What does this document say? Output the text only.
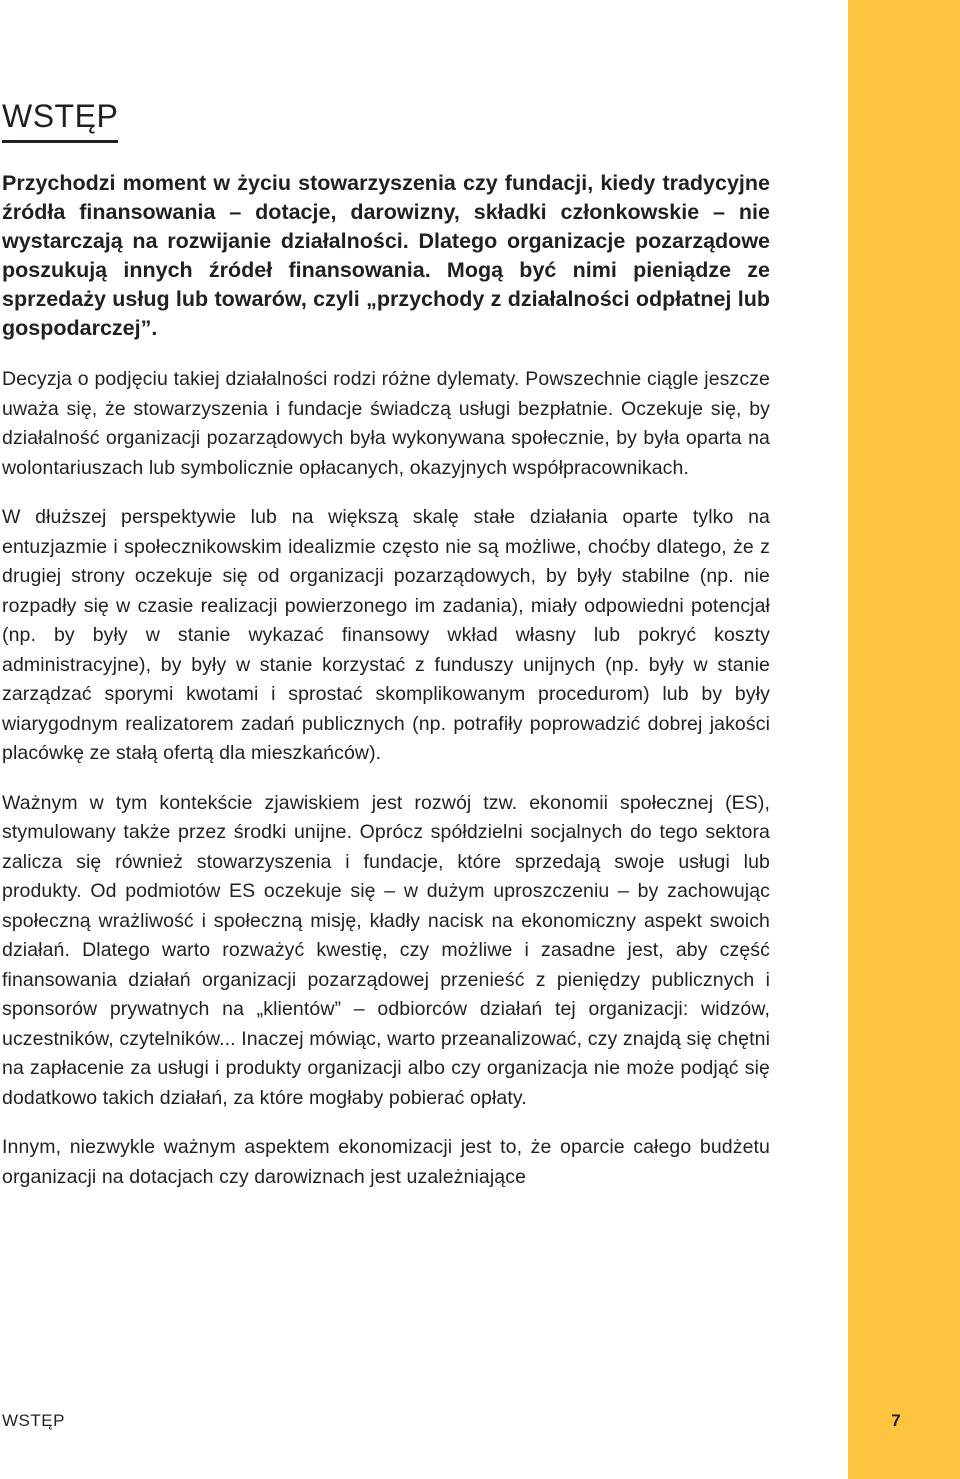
WSTĘP

Przychodzi moment w życiu stowarzyszenia czy fundacji, kiedy tradycyjne źródła finansowania – dotacje, darowizny, składki członkowskie – nie wystarczają na rozwijanie działalności. Dlatego organizacje pozarządowe poszukują innych źródeł finansowania. Mogą być nimi pieniądze ze sprzedaży usług lub towarów, czyli „przychody z działalności odpłatnej lub gospodarczej”.

Decyzja o podjęciu takiej działalności rodzi różne dylematy. Powszechnie ciągle jeszcze uważa się, że stowarzyszenia i fundacje świadczą usługi bezpłatnie. Oczekuje się, by działalność organizacji pozarządowych była wykonywana społecznie, by była oparta na wolontariuszach lub symbolicznie opłacanych, okazyjnych współpracownikach.

W dłuższej perspektywie lub na większą skalę stałe działania oparte tylko na entuzjazmie i społecznikowskim idealizmie często nie są możliwe, choćby dlatego, że z drugiej strony oczekuje się od organizacji pozarządowych, by były stabilne (np. nie rozpadły się w czasie realizacji powierzonego im zadania), miały odpowiedni potencjał (np. by były w stanie wykazać finansowy wkład własny lub pokryć koszty administracyjne), by były w stanie korzystać z funduszy unijnych (np. były w stanie zarządzać sporymi kwotami i sprostać skomplikowanym procedurom) lub by były wiarygodnym realizatorem zadań publicznych (np. potrafiły poprowadzić dobrej jakości placówkę ze stałą ofertą dla mieszkańców).

Ważnym w tym kontekście zjawiskiem jest rozwój tzw. ekonomii społecznej (ES), stymulowany także przez środki unijne. Oprócz spółdzielni socjalnych do tego sektora zalicza się również stowarzyszenia i fundacje, które sprzedają swoje usługi lub produkty. Od podmiotów ES oczekuje się – w dużym uproszczeniu – by zachowując społeczną wrażliwość i społeczną misję, kładły nacisk na ekonomiczny aspekt swoich działań. Dlatego warto rozważyć kwestię, czy możliwe i zasadne jest, aby część finansowania działań organizacji pozarządowej przenieść z pieniędzy publicznych i sponsorów prywatnych na „klientów” – odbiorców działań tej organizacji: widzów, uczestników, czytelników... Inaczej mówiąc, warto przeanalizować, czy znajdą się chętni na zapłacenie za usługi i produkty organizacji albo czy organizacja nie może podjąć się dodatkowo takich działań, za które mogłaby pobierać opłaty.

Innym, niezwykle ważnym aspektem ekonomizacji jest to, że oparcie całego budżetu organizacji na dotacjach czy darowiznach jest uzależniające

WSTĘP	7
